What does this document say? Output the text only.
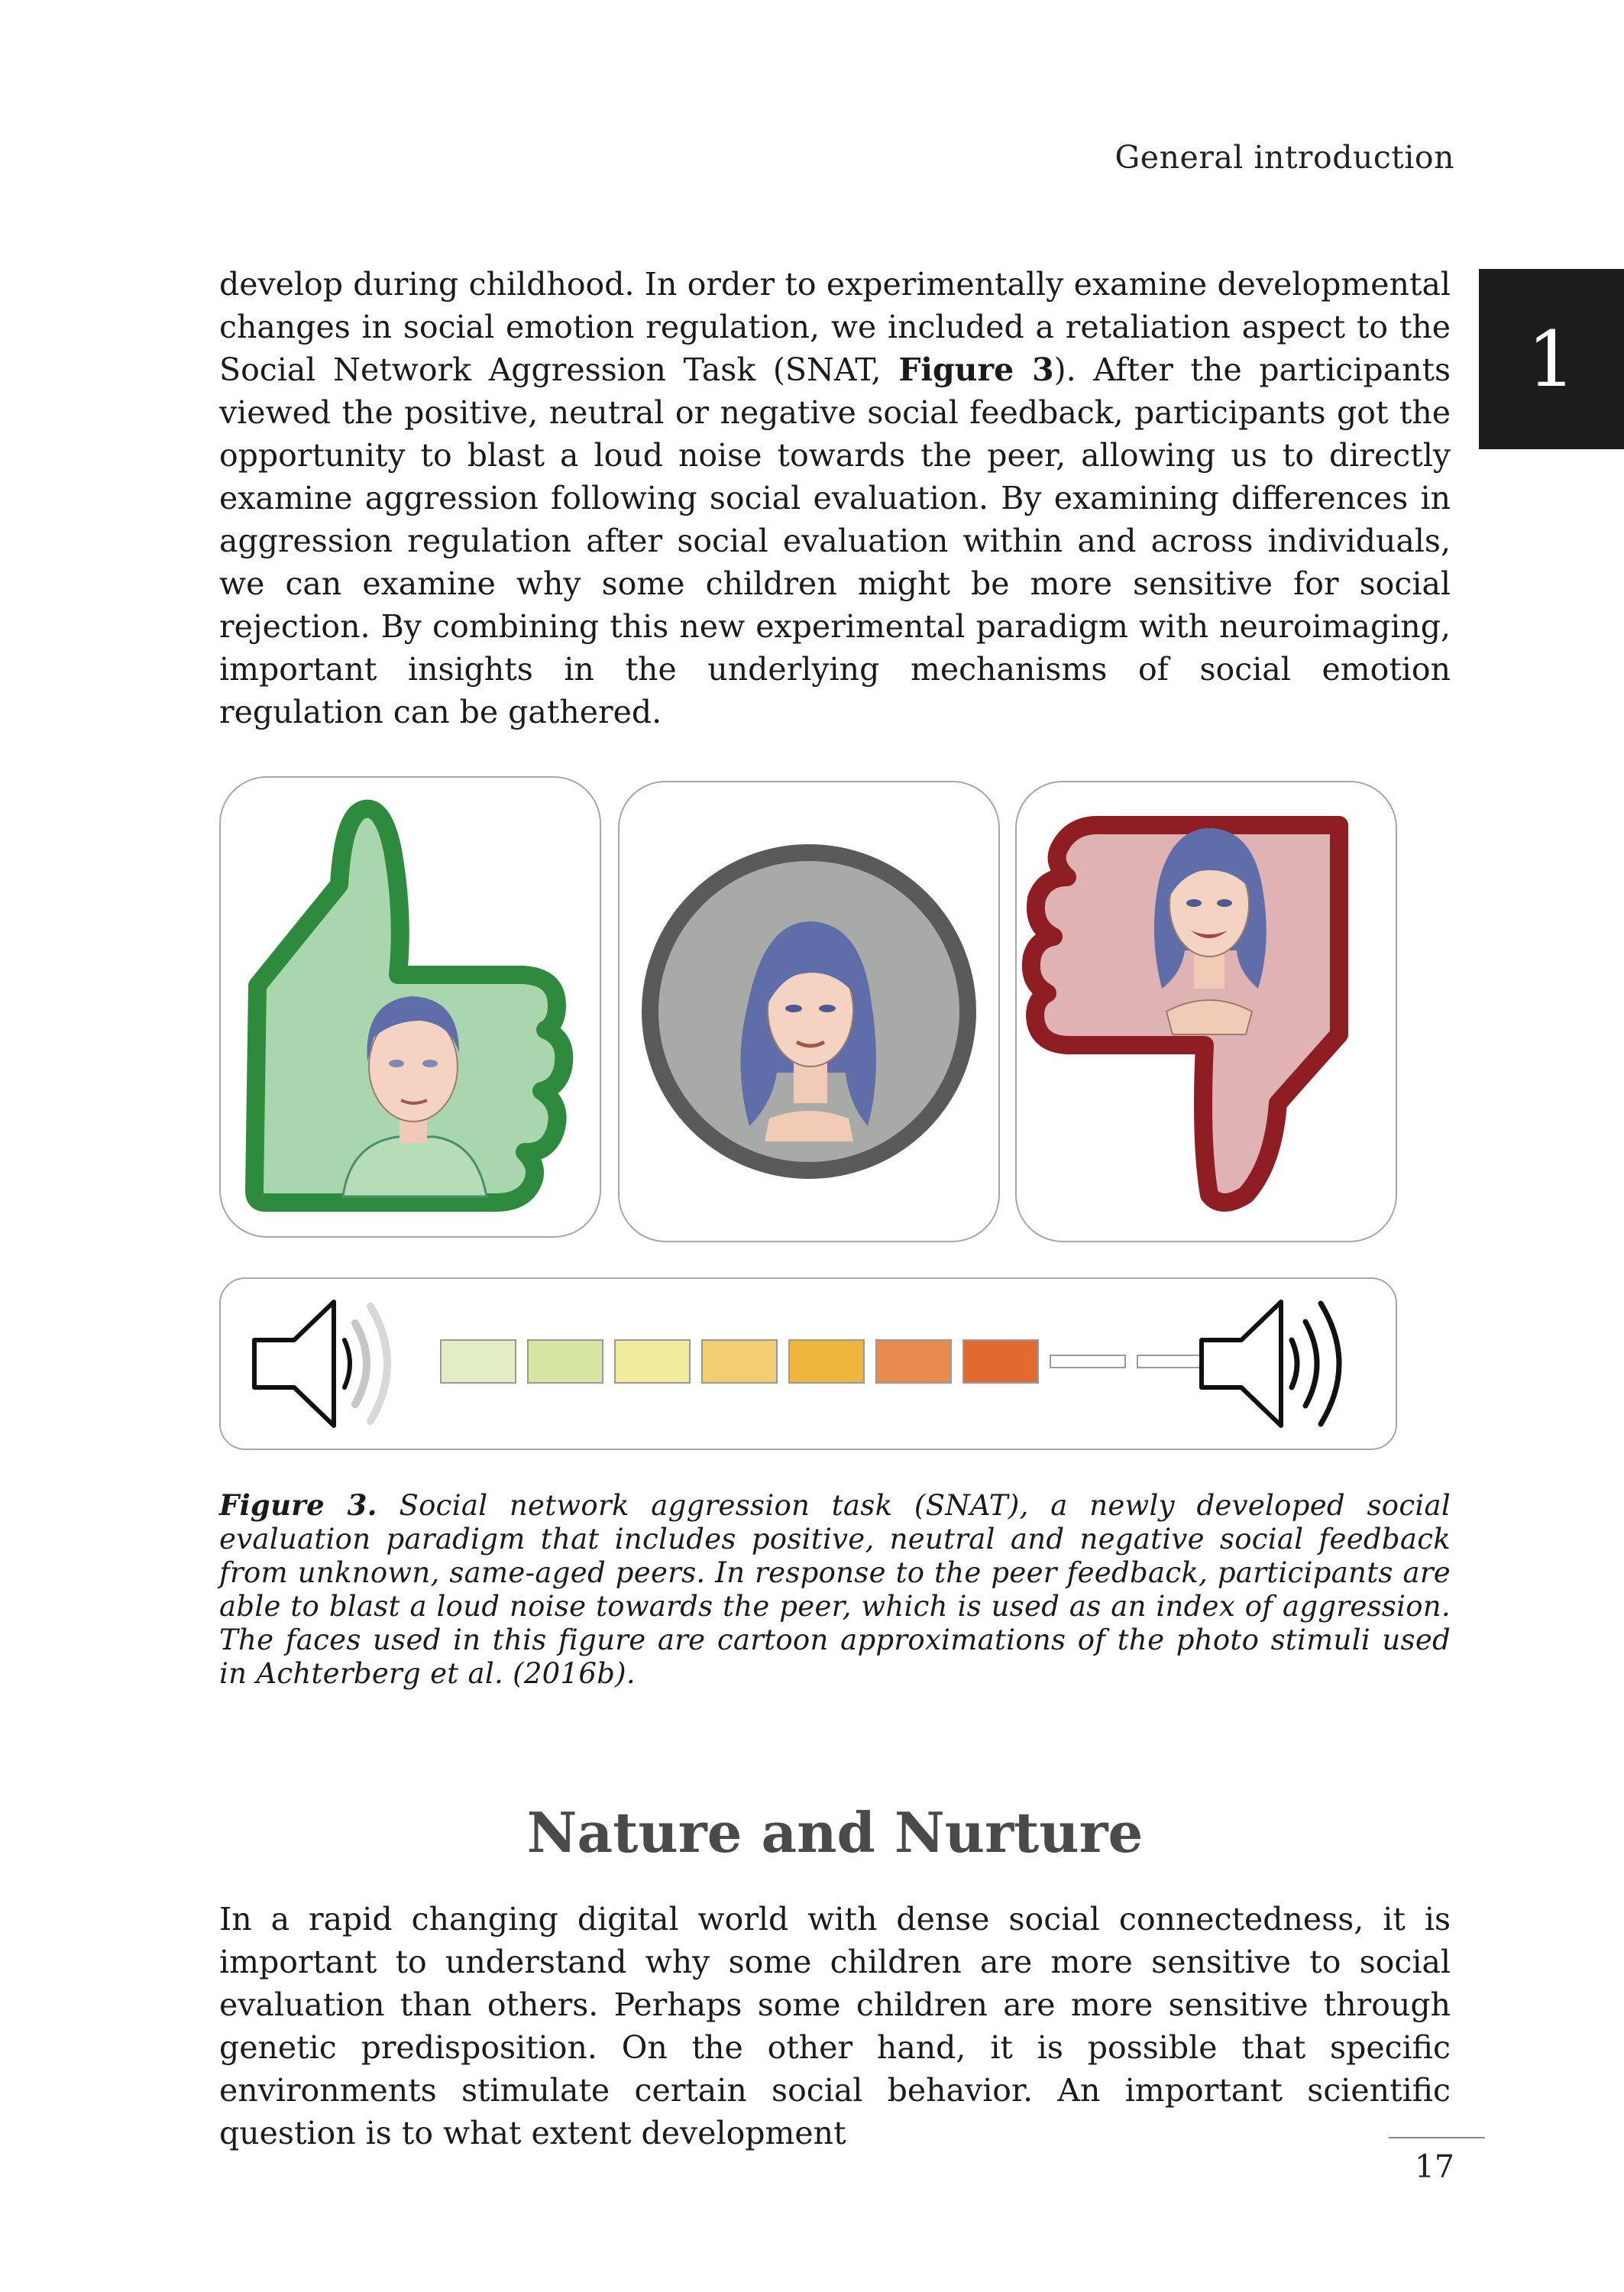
General introduction
1

develop during childhood. In order to experimentally examine developmental changes in social emotion regulation, we included a retaliation aspect to the Social Network Aggression Task (SNAT, Figure 3). After the participants viewed the positive, neutral or negative social feedback, participants got the opportunity to blast a loud noise towards the peer, allowing us to directly examine aggression following social evaluation. By examining differences in aggression regulation after social evaluation within and across individuals, we can examine why some children might be more sensitive for social rejection. By combining this new experimental paradigm with neuroimaging, important insights in the underlying mechanisms of social emotion regulation can be gathered.

Figure 3. Social network aggression task (SNAT), a newly developed social evaluation paradigm that includes positive, neutral and negative social feedback from unknown, same-aged peers. In response to the peer feedback, participants are able to blast a loud noise towards the peer, which is used as an index of aggression. The faces used in this figure are cartoon approximations of the photo stimuli used in Achterberg et al. (2016b).

Nature and Nurture

In a rapid changing digital world with dense social connectedness, it is important to understand why some children are more sensitive to social evaluation than others. Perhaps some children are more sensitive through genetic predisposition. On the other hand, it is possible that specific environments stimulate certain social behavior. An important scientific question is to what extent development

17
